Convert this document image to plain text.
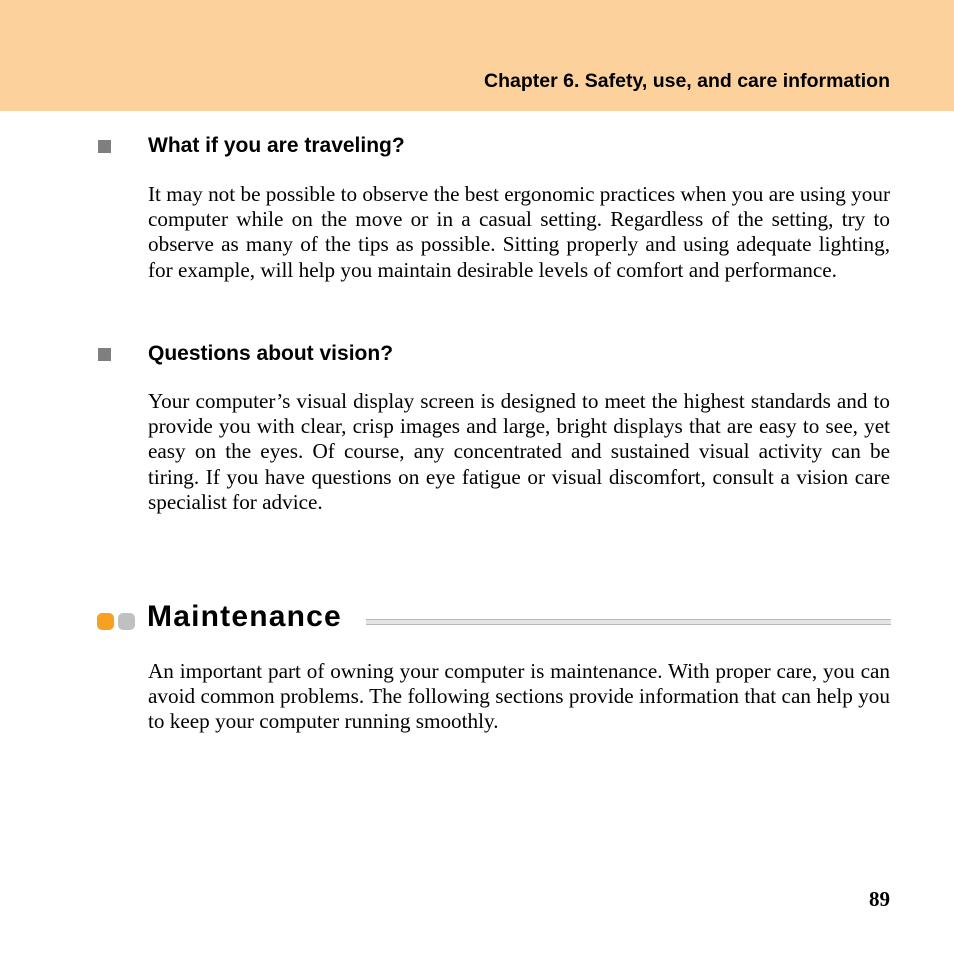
Chapter 6. Safety, use, and care information
What if you are traveling?

It may not be possible to observe the best ergonomic practices when you are using your computer while on the move or in a casual setting. Regardless of the setting, try to observe as many of the tips as possible. Sitting properly and using adequate lighting, for example, will help you maintain desirable levels of comfort and performance.

Questions about vision?

Your computer’s visual display screen is designed to meet the highest standards and to provide you with clear, crisp images and large, bright displays that are easy to see, yet easy on the eyes. Of course, any concentrated and sustained visual activity can be tiring. If you have questions on eye fatigue or visual discomfort, consult a vision care specialist for advice.

Maintenance

An important part of owning your computer is maintenance. With proper care, you can avoid common problems. The following sections provide information that can help you to keep your computer running smoothly.

89
